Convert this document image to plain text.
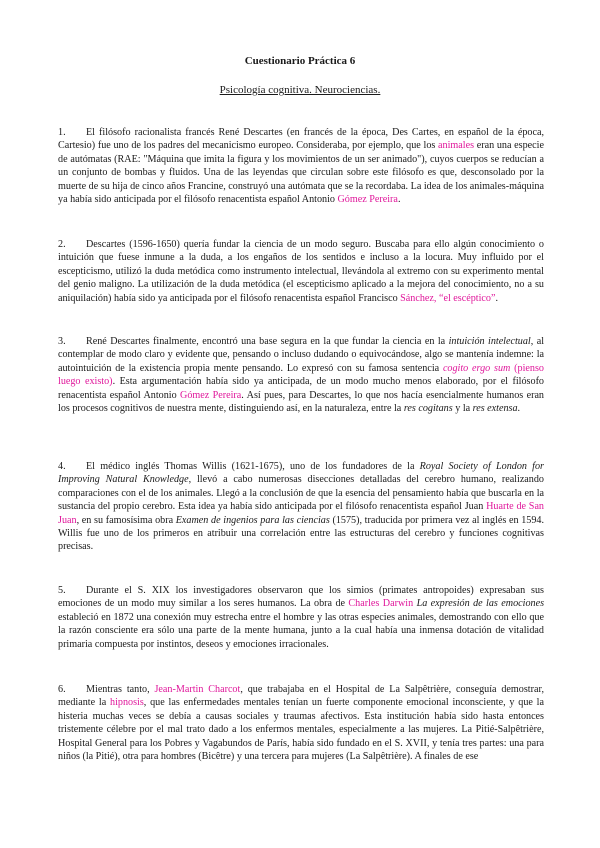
Cuestionario Práctica 6

Psicología cognitiva. Neurociencias.

1. El filósofo racionalista francés René Descartes (en francés de la época, Des Cartes, en español de la época, Cartesio) fue uno de los padres del mecanicismo europeo. Consideraba, por ejemplo, que los animales eran una especie de autómatas (RAE: "Máquina que imita la figura y los movimientos de un ser animado"), cuyos cuerpos se reducían a un conjunto de bombas y fluidos. Una de las leyendas que circulan sobre este filósofo es que, desconsolado por la muerte de su hija de cinco años Francine, construyó una autómata que se la recordaba. La idea de los animales-máquina ya había sido anticipada por el filósofo renacentista español Antonio Gómez Pereira.

2. Descartes (1596-1650) quería fundar la ciencia de un modo seguro. Buscaba para ello algún conocimiento o intuición que fuese inmune a la duda, a los engaños de los sentidos e incluso a la locura. Muy influido por el escepticismo, utilizó la duda metódica como instrumento intelectual, llevándola al extremo con su experimento mental del genio maligno. La utilización de la duda metódica (el escepticismo aplicado a la mejora del conocimiento, no a su aniquilación) había sido ya anticipada por el filósofo renacentista español Francisco Sánchez, “el escéptico”.

3. René Descartes finalmente, encontró una base segura en la que fundar la ciencia en la intuición intelectual, al contemplar de modo claro y evidente que, pensando o incluso dudando o equivocándose, algo se mantenía indemne: la autointuición de la existencia propia mente pensando. Lo expresó con su famosa sentencia cogito ergo sum (pienso luego existo). Esta argumentación había sido ya anticipada, de un modo mucho menos elaborado, por el filósofo renacentista español Antonio Gómez Pereira. Así pues, para Descartes, lo que nos hacía esencialmente humanos eran los procesos cognitivos de nuestra mente, distinguiendo así, en la naturaleza, entre la res cogitans y la res extensa.

4. El médico inglés Thomas Willis (1621-1675), uno de los fundadores de la Royal Society of London for Improving Natural Knowledge, llevó a cabo numerosas disecciones detalladas del cerebro humano, realizando comparaciones con el de los animales. Llegó a la conclusión de que la esencia del pensamiento había que buscarla en la sustancia del propio cerebro. Esta idea ya había sido anticipada por el filósofo renacentista español Juan Huarte de San Juan, en su famosísima obra Examen de ingenios para las ciencias (1575), traducida por primera vez al inglés en 1594. Willis fue uno de los primeros en atribuir una correlación entre las estructuras del cerebro y funciones cognitivas precisas.

5. Durante el S. XIX los investigadores observaron que los simios (primates antropoides) expresaban sus emociones de un modo muy similar a los seres humanos. La obra de Charles Darwin La expresión de las emociones estableció en 1872 una conexión muy estrecha entre el hombre y las otras especies animales, demostrando con ello que la razón consciente era sólo una parte de la mente humana, junto a la cual había una inmensa dotación de vitalidad primaria compuesta por instintos, deseos y emociones irracionales.

6. Mientras tanto, Jean-Martin Charcot, que trabajaba en el Hospital de La Salpêtrière, conseguía demostrar, mediante la hipnosis, que las enfermedades mentales tenían un fuerte componente emocional inconsciente, y que la histeria muchas veces se debía a causas sociales y traumas afectivos. Esta institución había sido hasta entonces tristemente célebre por el mal trato dado a los enfermos mentales, especialmente a las mujeres. La Pitié-Salpêtrière, Hospital General para los Pobres y Vagabundos de París, había sido fundado en el S. XVII, y tenía tres partes: una para niños (la Pitié), otra para hombres (Bicêtre) y una tercera para mujeres (La Salpêtrière). A finales de ese
